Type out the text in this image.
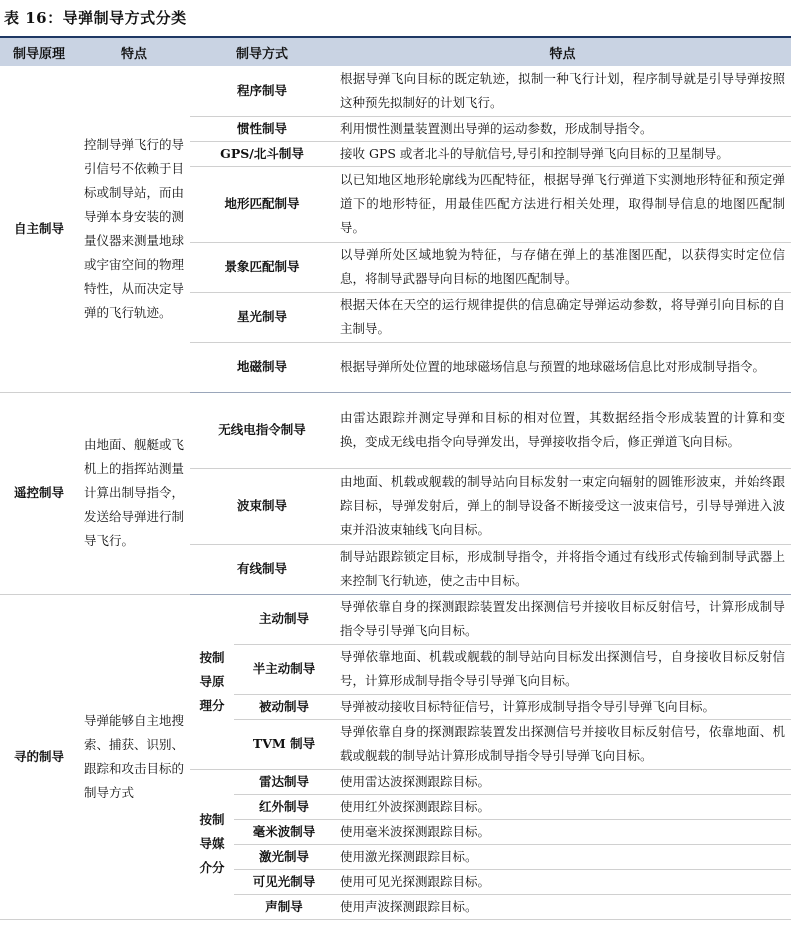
表 16：导弹制导方式分类
制导原理	特点	制导方式		特点
自主制导	控制导弹飞行的导引信号不依赖于目标或制导站，而由导弹本身安装的测量仪器来测量地球或宇宙空间的物理特性，从而决定导弹的飞行轨迹。	程序制导		根据导弹飞向目标的既定轨迹，拟制一种飞行计划，程序制导就是引导导弹按照这种预先拟制好的计划飞行。
		惯性制导		利用惯性测量装置测出导弹的运动参数，形成制导指令。
		GPS/北斗制导		接收 GPS 或者北斗的导航信号,导引和控制导弹飞向目标的卫星制导。
		地形匹配制导		以已知地区地形轮廓线为匹配特征，根据导弹飞行弹道下实测地形特征和预定弹道下的地形特征，用最佳匹配方法进行相关处理，取得制导信息的地图匹配制导。
		景象匹配制导		以导弹所处区域地貌为特征，与存储在弹上的基准图匹配，以获得实时定位信息，将制导武器导向目标的地图匹配制导。
		星光制导		根据天体在天空的运行规律提供的信息确定导弹运动参数，将导弹引向目标的自主制导。
		地磁制导		根据导弹所处位置的地球磁场信息与预置的地球磁场信息比对形成制导指令。
遥控制导	由地面、舰艇或飞机上的指挥站测量计算出制导指令，发送给导弹进行制导飞行。	无线电指令制导		由雷达跟踪并测定导弹和目标的相对位置，其数据经指令形成装置的计算和变换，变成无线电指令向导弹发出，导弹接收指令后，修正弹道飞向目标。
		波束制导		由地面、机载或舰载的制导站向目标发射一束定向辐射的圆锥形波束，并始终跟踪目标，导弹发射后，弹上的制导设备不断接受这一波束信号，引导导弹进入波束并沿波束轴线飞向目标。
		有线制导		制导站跟踪锁定目标，形成制导指令，并将指令通过有线形式传输到制导武器上来控制飞行轨迹，使之击中目标。
寻的制导	导弹能够自主地搜索、捕获、识别、跟踪和攻击目标的制导方式	按制导原理分	主动制导	导弹依靠自身的探测跟踪装置发出探测信号并接收目标反射信号，计算形成制导指令导引导弹飞向目标。
			半主动制导	导弹依靠地面、机载或舰载的制导站向目标发出探测信号，自身接收目标反射信号，计算形成制导指令导引导弹飞向目标。
			被动制导	导弹被动接收目标特征信号，计算形成制导指令导引导弹飞向目标。
			TVM 制导	导弹依靠自身的探测跟踪装置发出探测信号并接收目标反射信号，依靠地面、机载或舰载的制导站计算形成制导指令导引导弹飞向目标。
		按制导媒介分	雷达制导	使用雷达波探测跟踪目标。
			红外制导	使用红外波探测跟踪目标。
			毫米波制导	使用毫米波探测跟踪目标。
			激光制导	使用激光探测跟踪目标。
			可见光制导	使用可见光探测跟踪目标。
			声制导	使用声波探测跟踪目标。
